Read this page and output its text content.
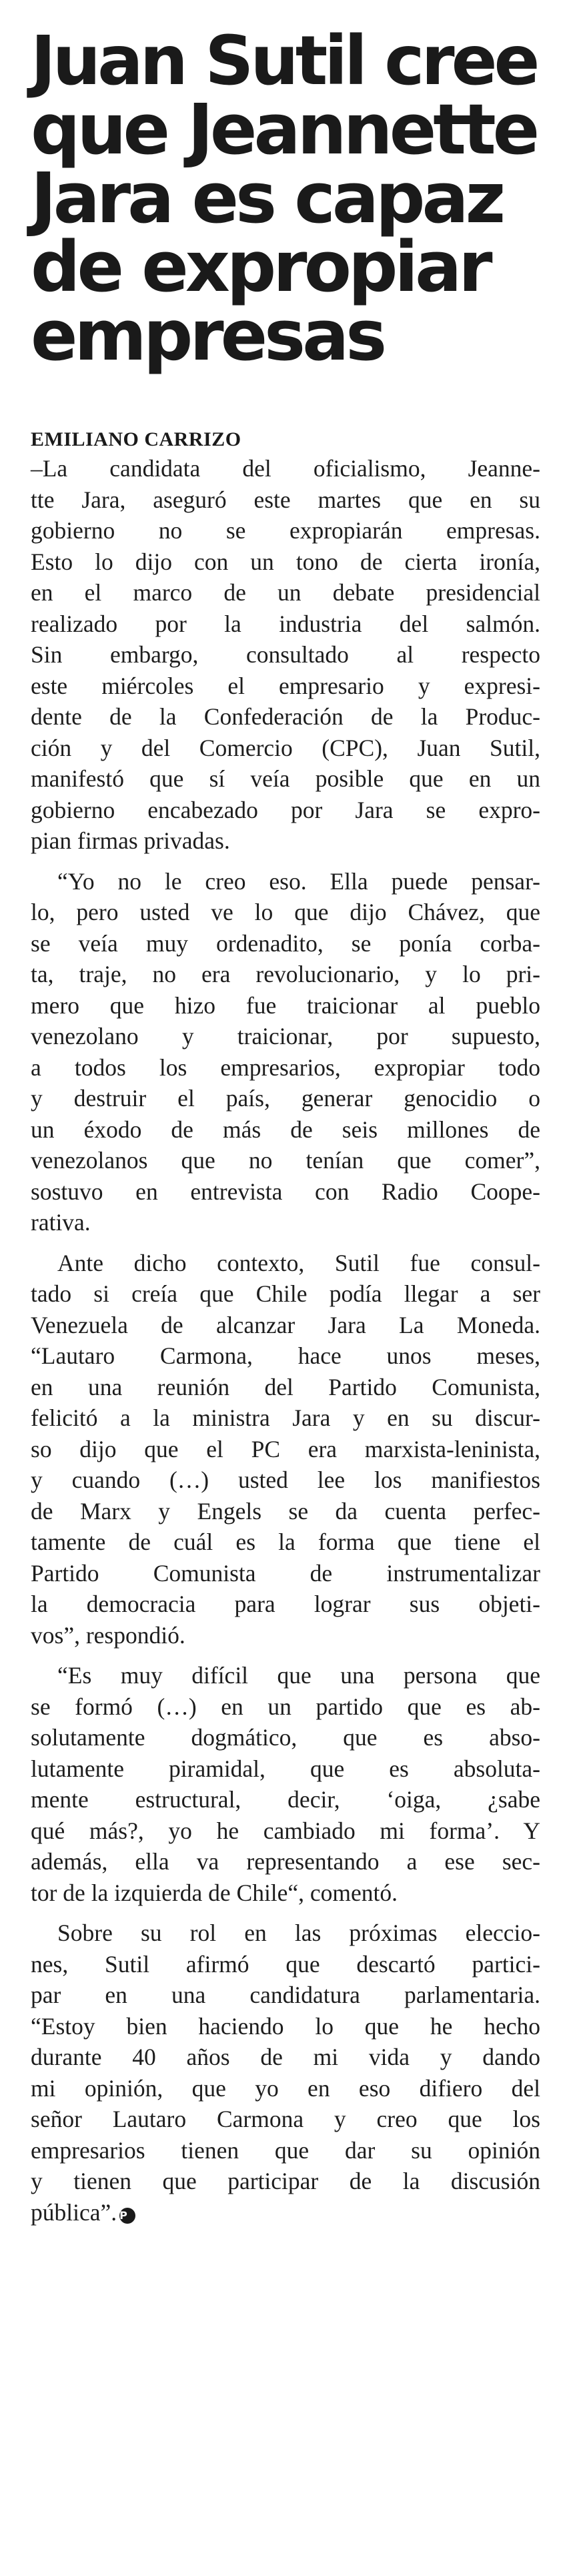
Juan Sutil cree
que Jeannette
Jara es capaz
de expropiar
empresas
EMILIANO CARRIZO
–La candidata del oficialismo, Jeanne-
tte Jara, aseguró este martes que en su
gobierno no se expropiarán empresas.
Esto lo dijo con un tono de cierta ironía,
en el marco de un debate presidencial
realizado por la industria del salmón.
Sin embargo, consultado al respecto
este miércoles el empresario y expresi-
dente de la Confederación de la Produc-
ción y del Comercio (CPC), Juan Sutil,
manifestó que sí veía posible que en un
gobierno encabezado por Jara se expro-
pian firmas privadas.
“Yo no le creo eso. Ella puede pensar-
lo, pero usted ve lo que dijo Chávez, que
se veía muy ordenadito, se ponía corba-
ta, traje, no era revolucionario, y lo pri-
mero que hizo fue traicionar al pueblo
venezolano y traicionar, por supuesto,
a todos los empresarios, expropiar todo
y destruir el país, generar genocidio o
un éxodo de más de seis millones de
venezolanos que no tenían que comer”,
sostuvo en entrevista con Radio Coope-
rativa.
Ante dicho contexto, Sutil fue consul-
tado si creía que Chile podía llegar a ser
Venezuela de alcanzar Jara La Moneda.
“Lautaro Carmona, hace unos meses,
en una reunión del Partido Comunista,
felicitó a la ministra Jara y en su discur-
so dijo que el PC era marxista-leninista,
y cuando (…) usted lee los manifiestos
de Marx y Engels se da cuenta perfec-
tamente de cuál es la forma que tiene el
Partido Comunista de instrumentalizar
la democracia para lograr sus objeti-
vos”, respondió.
“Es muy difícil que una persona que
se formó (…) en un partido que es ab-
solutamente dogmático, que es abso-
lutamente piramidal, que es absoluta-
mente estructural, decir, ‘oiga, ¿sabe
qué más?, yo he cambiado mi forma’. Y
además, ella va representando a ese sec-
tor de la izquierda de Chile“, comentó.
Sobre su rol en las próximas eleccio-
nes, Sutil afirmó que descartó partici-
par en una candidatura parlamentaria.
“Estoy bien haciendo lo que he hecho
durante 40 años de mi vida y dando
mi opinión, que yo en eso difiero del
señor Lautaro Carmona y creo que los
empresarios tienen que dar su opinión
y tienen que participar de la discusión
pública”. P
